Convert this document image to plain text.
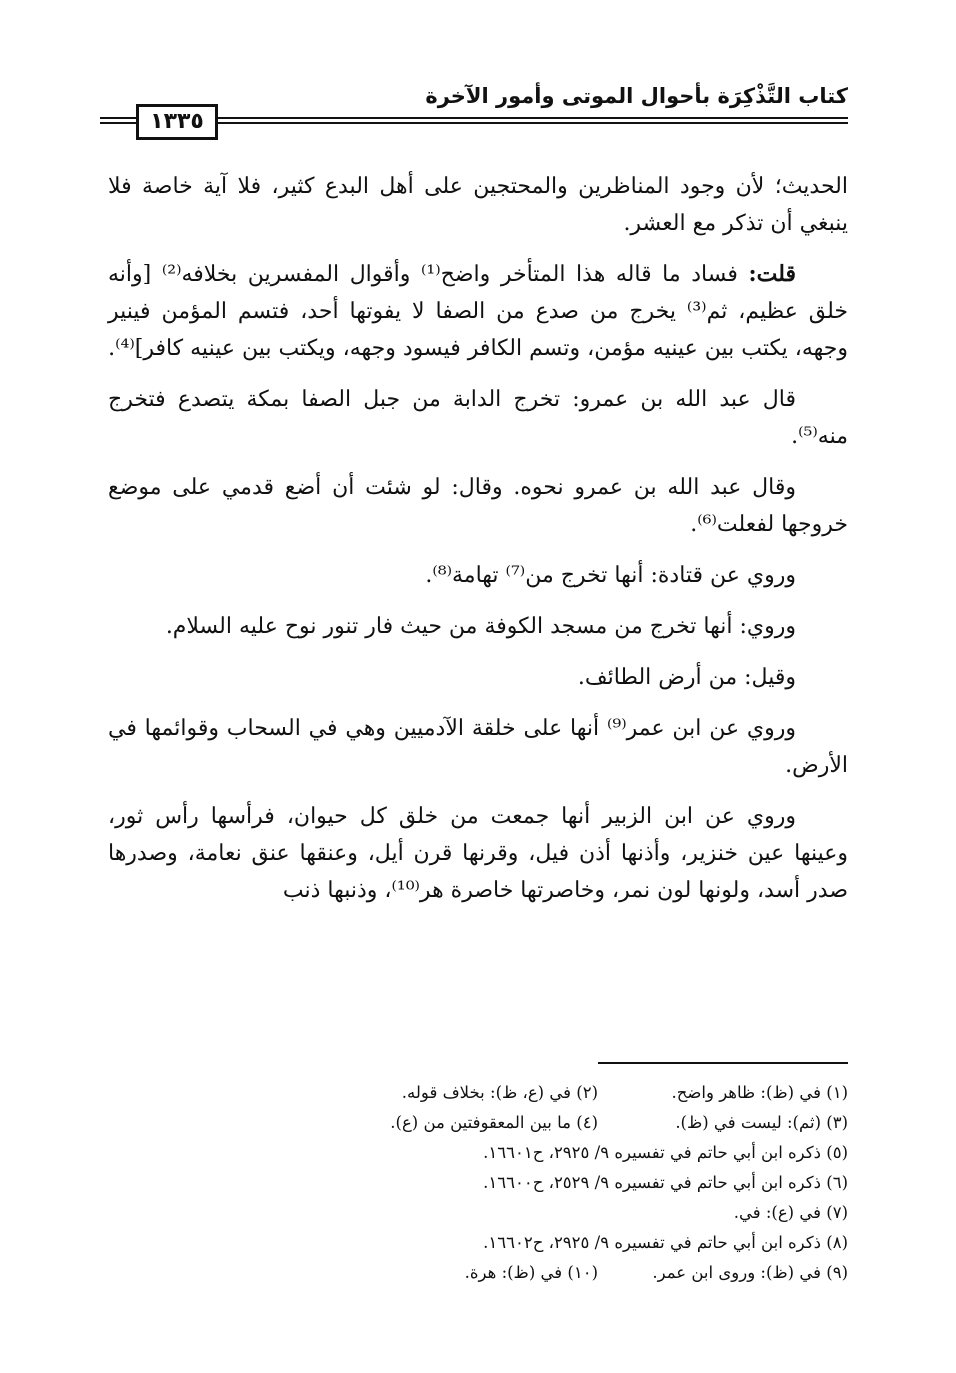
كتاب التَّذْكِرَة بأحوال الموتى وأمور الآخرة
١٣٣٥

الحديث؛ لأن وجود المناظرين والمحتجين على أهل البدع كثير، فلا آية خاصة فلا ينبغي أن تذكر مع العشر.

قلت: فساد ما قاله هذا المتأخر واضح⁽¹⁾ وأقوال المفسرين بخلافه⁽²⁾ [وأنه خلق عظيم، ثم⁽³⁾ يخرج من صدع من الصفا لا يفوتها أحد، فتسم المؤمن فينير وجهه، يكتب بين عينيه مؤمن، وتسم الكافر فيسود وجهه، ويكتب بين عينيه كافر]⁽⁴⁾.

قال عبد الله بن عمرو: تخرج الدابة من جبل الصفا بمكة يتصدع فتخرج منه⁽⁵⁾.

وقال عبد الله بن عمرو نحوه. وقال: لو شئت أن أضع قدمي على موضع خروجها لفعلت⁽⁶⁾.

وروي عن قتادة: أنها تخرج من⁽⁷⁾ تهامة⁽⁸⁾.

وروي: أنها تخرج من مسجد الكوفة من حيث فار تنور نوح عليه السلام.

وقيل: من أرض الطائف.

وروي عن ابن عمر⁽⁹⁾ أنها على خلقة الآدميين وهي في السحاب وقوائمها في الأرض.

وروي عن ابن الزبير أنها جمعت من خلق كل حيوان، فرأسها رأس ثور، وعينها عين خنزير، وأذنها أذن فيل، وقرنها قرن أيل، وعنقها عنق نعامة، وصدرها صدر أسد، ولونها لون نمر، وخاصرتها خاصرة هر⁽¹⁰⁾، وذنبها ذنب

(١) في (ظ): ظاهر واضح.
(٢) في (ع، ظ): بخلاف قوله.
(٣) (ثم): ليست في (ظ).
(٤) ما بين المعقوفتين من (ع).
(٥) ذكره ابن أبي حاتم في تفسيره ٩/ ٢٩٢٥، ح١٦٦٠١.
(٦) ذكره ابن أبي حاتم في تفسيره ٩/ ٢٥٢٩، ح١٦٦٠٠.
(٧) في (ع): في.
(٨) ذكره ابن أبي حاتم في تفسيره ٩/ ٢٩٢٥، ح١٦٦٠٢.
(٩) في (ظ): وروى ابن عمر.
(١٠) في (ظ): هرة.
